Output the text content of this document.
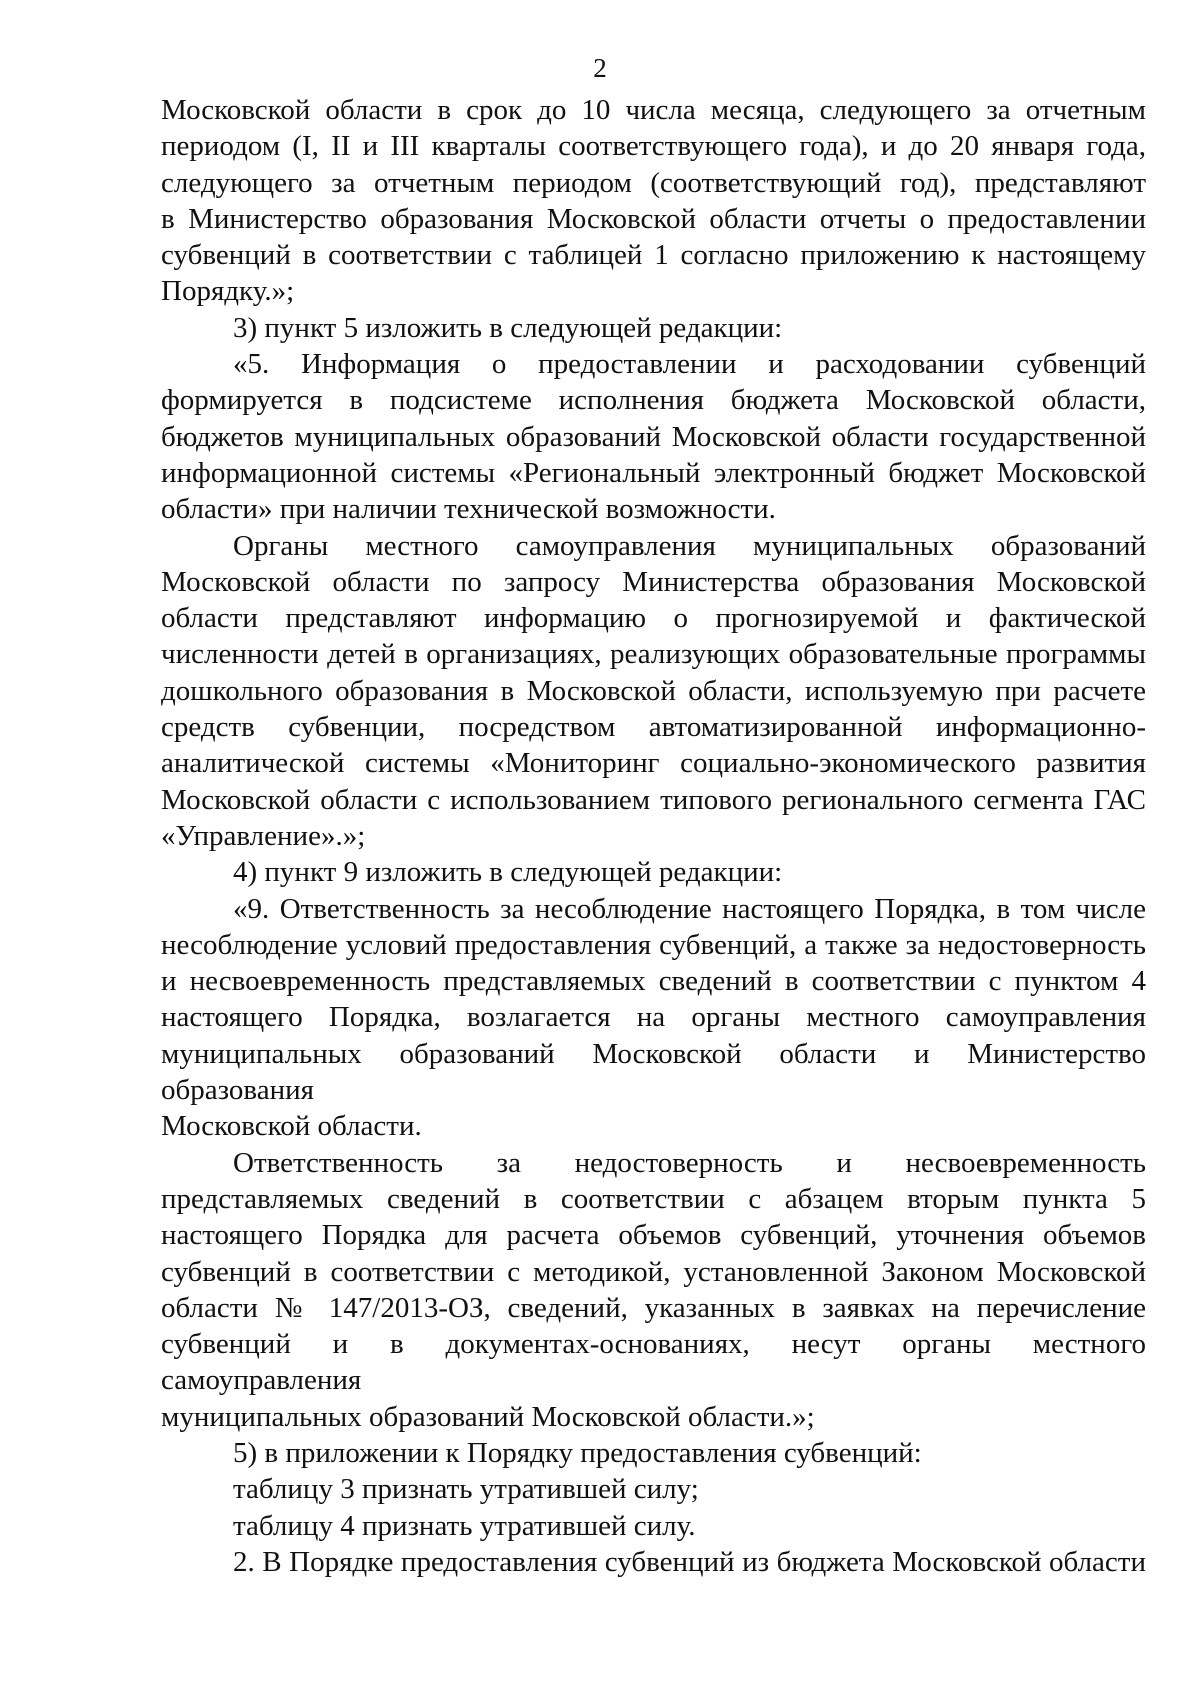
2

Московской области в срок до 10 числа месяца, следующего за отчетным

периодом (I, II и III кварталы соответствующего года), и до 20 января года,

следующего за отчетным периодом (соответствующий год), представляют

в Министерство образования Московской области отчеты о предоставлении

субвенций в соответствии с таблицей 1 согласно приложению к настоящему

Порядку.»;

3) пункт 5 изложить в следующей редакции:

«5. Информация о предоставлении и расходовании субвенций

формируется в подсистеме исполнения бюджета Московской области,

бюджетов муниципальных образований Московской области государственной

информационной системы «Региональный электронный бюджет Московской

области» при наличии технической возможности.

Органы местного самоуправления муниципальных образований

Московской области по запросу Министерства образования Московской

области представляют информацию о прогнозируемой и фактической

численности детей в организациях, реализующих образовательные программы

дошкольного образования в Московской области, используемую при расчете

средств субвенции, посредством автоматизированной информационно-

аналитической системы «Мониторинг социально-экономического развития

Московской области с использованием типового регионального сегмента ГАС

«Управление».»;

4) пункт 9 изложить в следующей редакции:

«9. Ответственность за несоблюдение настоящего Порядка, в том числе

несоблюдение условий предоставления субвенций, а также за недостоверность

и несвоевременность представляемых сведений в соответствии с пунктом 4

настоящего Порядка, возлагается на органы местного самоуправления

муниципальных образований Московской области и Министерство образования

Московской области.

Ответственность за недостоверность и несвоевременность

представляемых сведений в соответствии с абзацем вторым пункта 5

настоящего Порядка для расчета объемов субвенций, уточнения объемов

субвенций в соответствии с методикой, установленной Законом Московской

области № 147/2013-ОЗ, сведений, указанных в заявках на перечисление

субвенций и в документах-основаниях, несут органы местного самоуправления

муниципальных образований Московской области.»;

5) в приложении к Порядку предоставления субвенций:

таблицу 3 признать утратившей силу;

таблицу 4 признать утратившей силу.

2. В Порядке предоставления субвенций из бюджета Московской области
